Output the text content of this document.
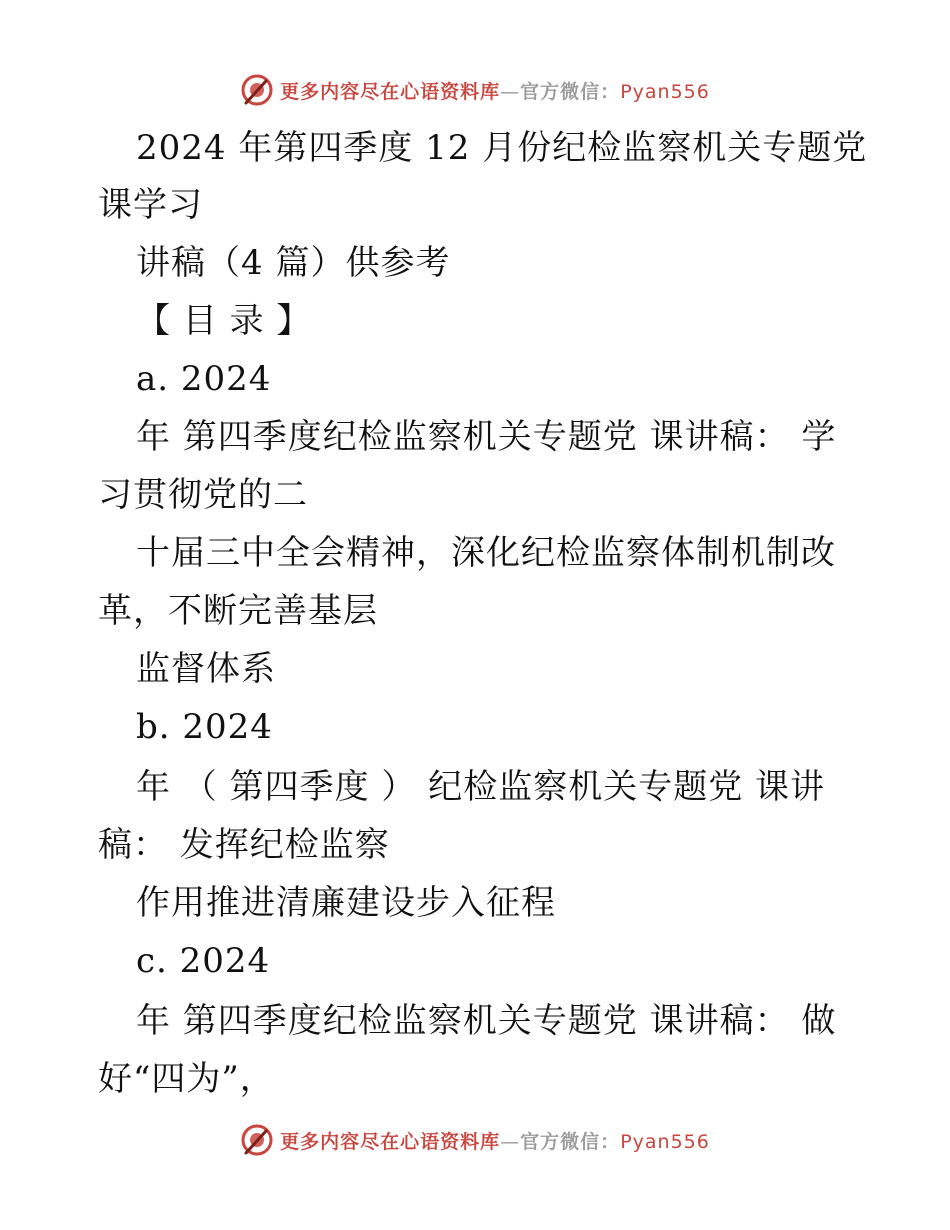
更多内容尽在心语资料库—官方微信：Pyan556
2024 年第四季度 12 月份纪检监察机关专题党
课学习
讲稿（4 篇）供参考
【 目 录 】
a. 2024
年 第四季度纪检监察机关专题党 课讲稿： 学
习贯彻党的二
十届三中全会精神，深化纪检监察体制机制改
革，不断完善基层
监督体系
b. 2024
年 （ 第四季度 ） 纪检监察机关专题党 课讲
稿： 发挥纪检监察
作用推进清廉建设步入征程
c. 2024
年 第四季度纪检监察机关专题党 课讲稿： 做
好“四为”，
更多内容尽在心语资料库—官方微信：Pyan556
